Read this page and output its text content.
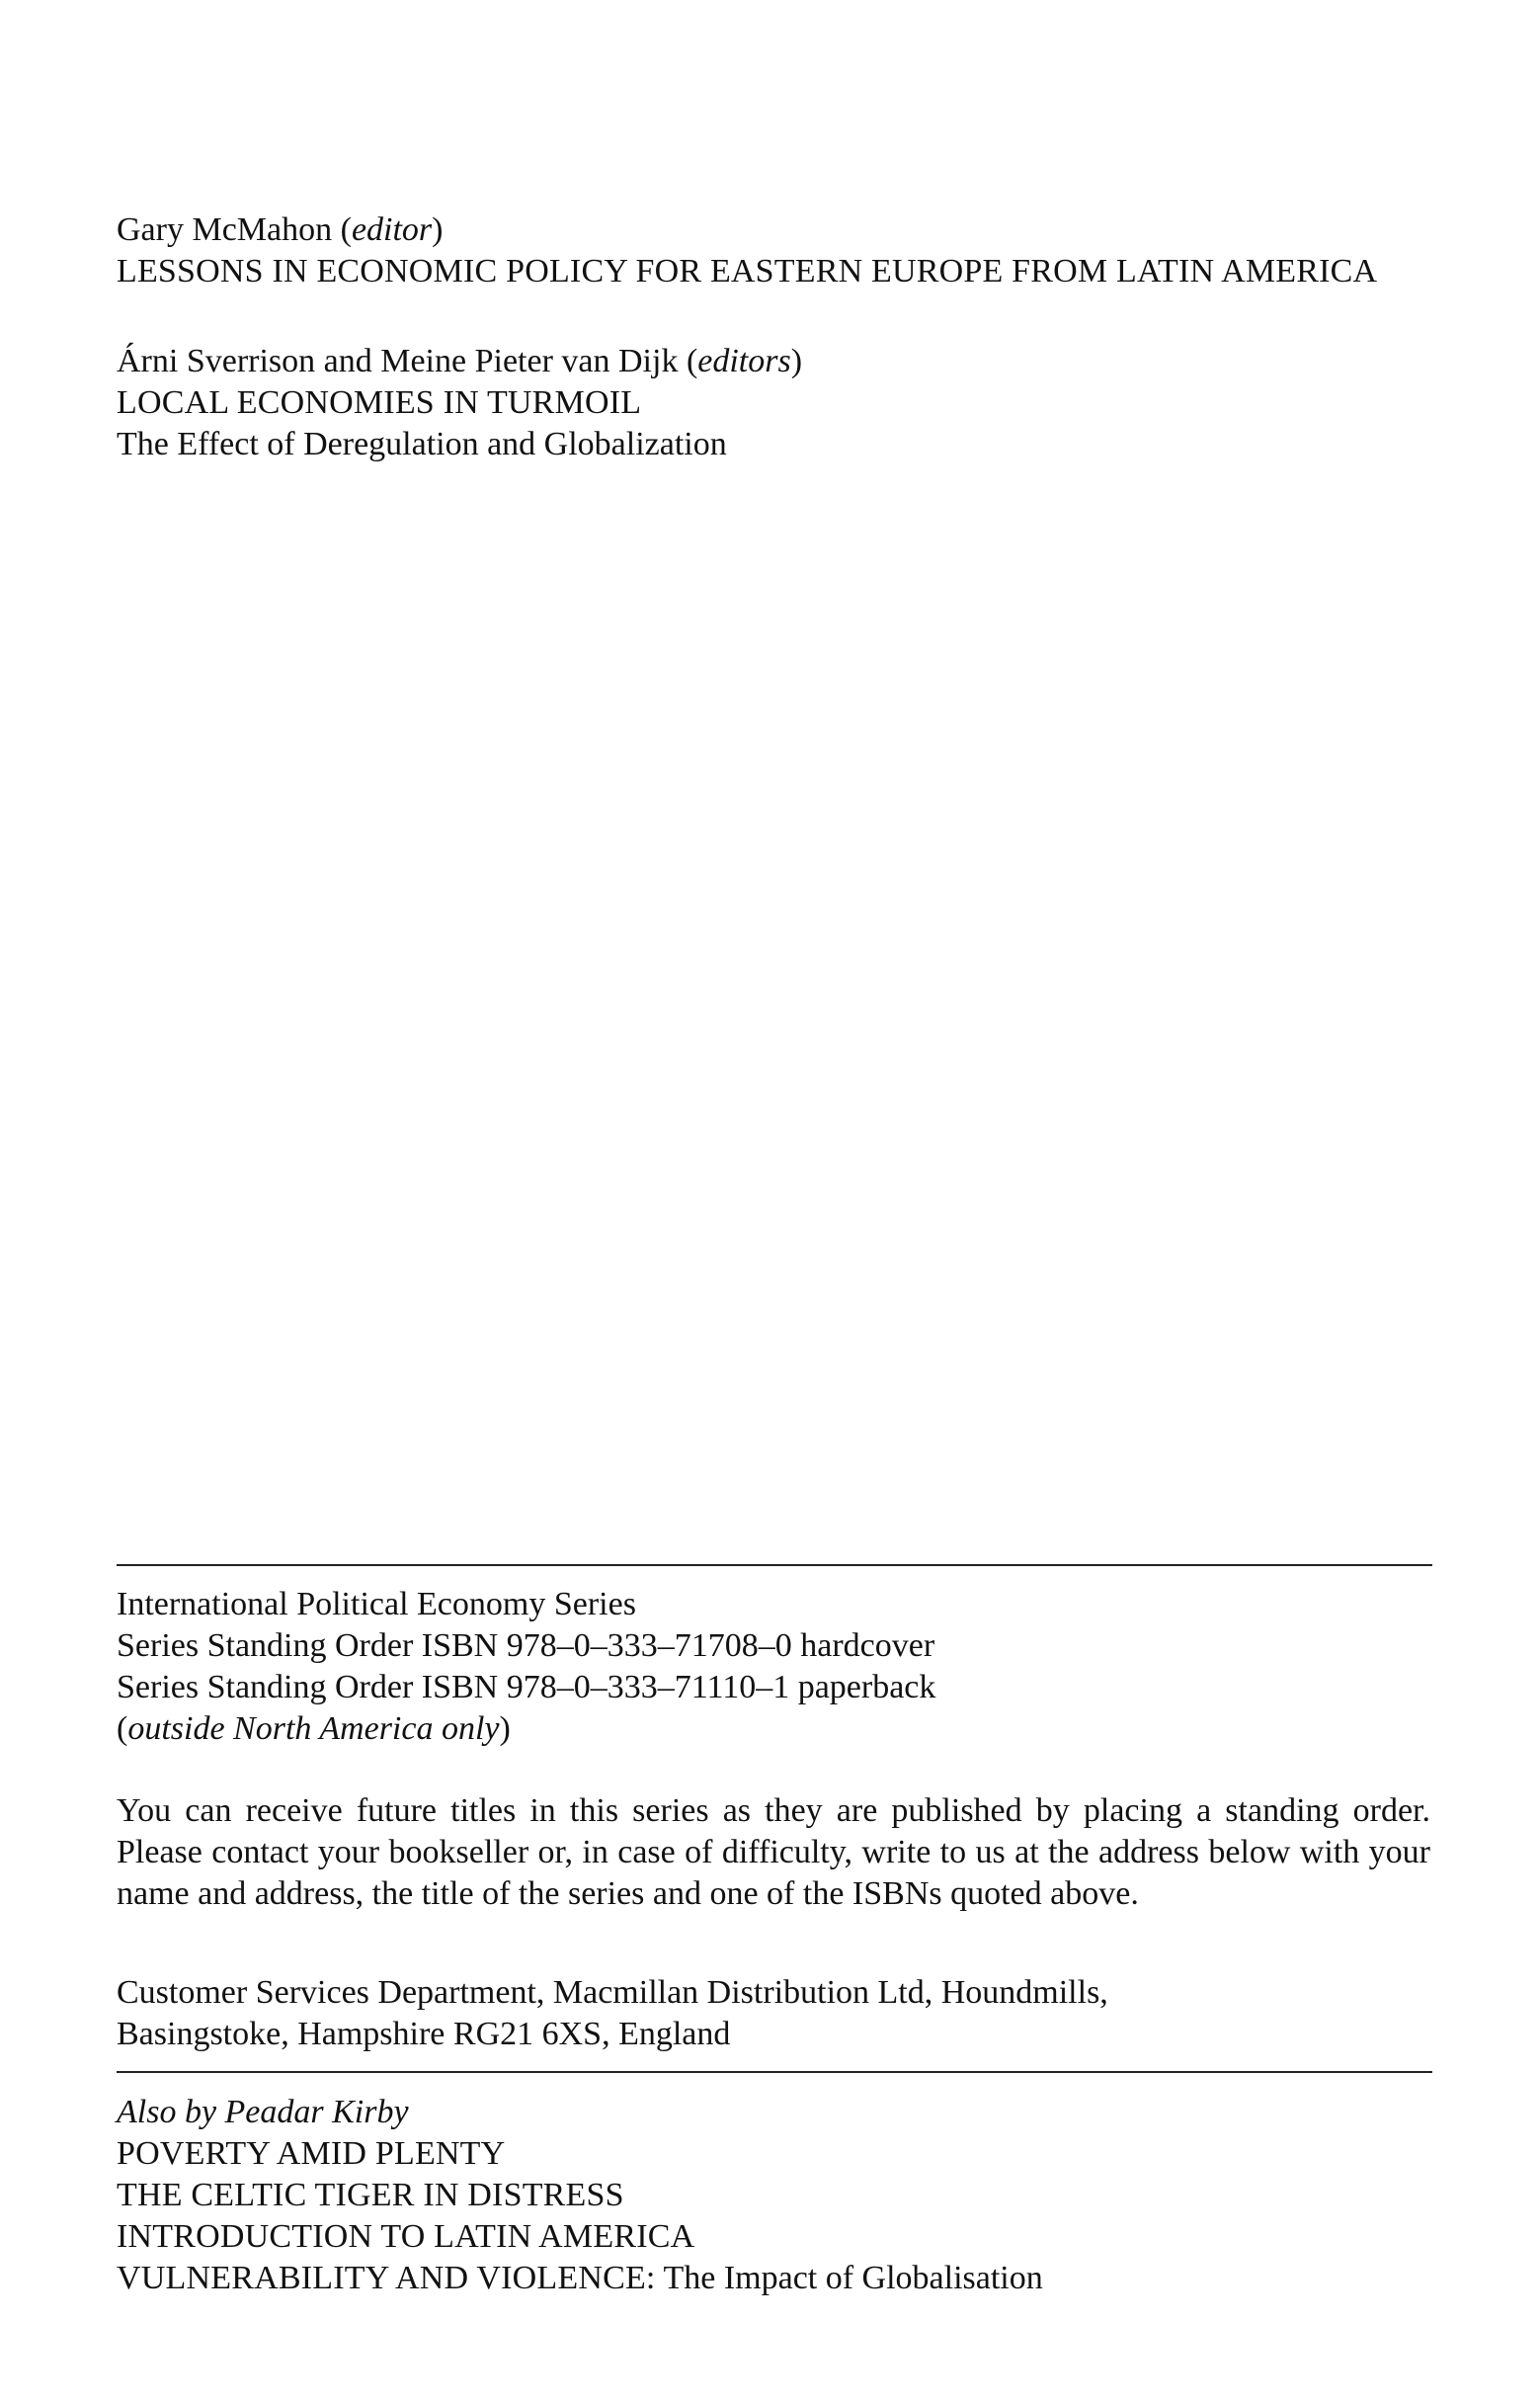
Gary McMahon (editor)
LESSONS IN ECONOMIC POLICY FOR EASTERN EUROPE FROM LATIN AMERICA
Árni Sverrison and Meine Pieter van Dijk (editors)
LOCAL ECONOMIES IN TURMOIL
The Effect of Deregulation and Globalization
International Political Economy Series
Series Standing Order ISBN 978–0–333–71708–0 hardcover
Series Standing Order ISBN 978–0–333–71110–1 paperback
(outside North America only)
You can receive future titles in this series as they are published by placing a standing order. Please contact your bookseller or, in case of difficulty, write to us at the address below with your name and address, the title of the series and one of the ISBNs quoted above.
Customer Services Department, Macmillan Distribution Ltd, Houndmills,
Basingstoke, Hampshire RG21 6XS, England
Also by Peadar Kirby
POVERTY AMID PLENTY
THE CELTIC TIGER IN DISTRESS
INTRODUCTION TO LATIN AMERICA
VULNERABILITY AND VIOLENCE: The Impact of Globalisation
